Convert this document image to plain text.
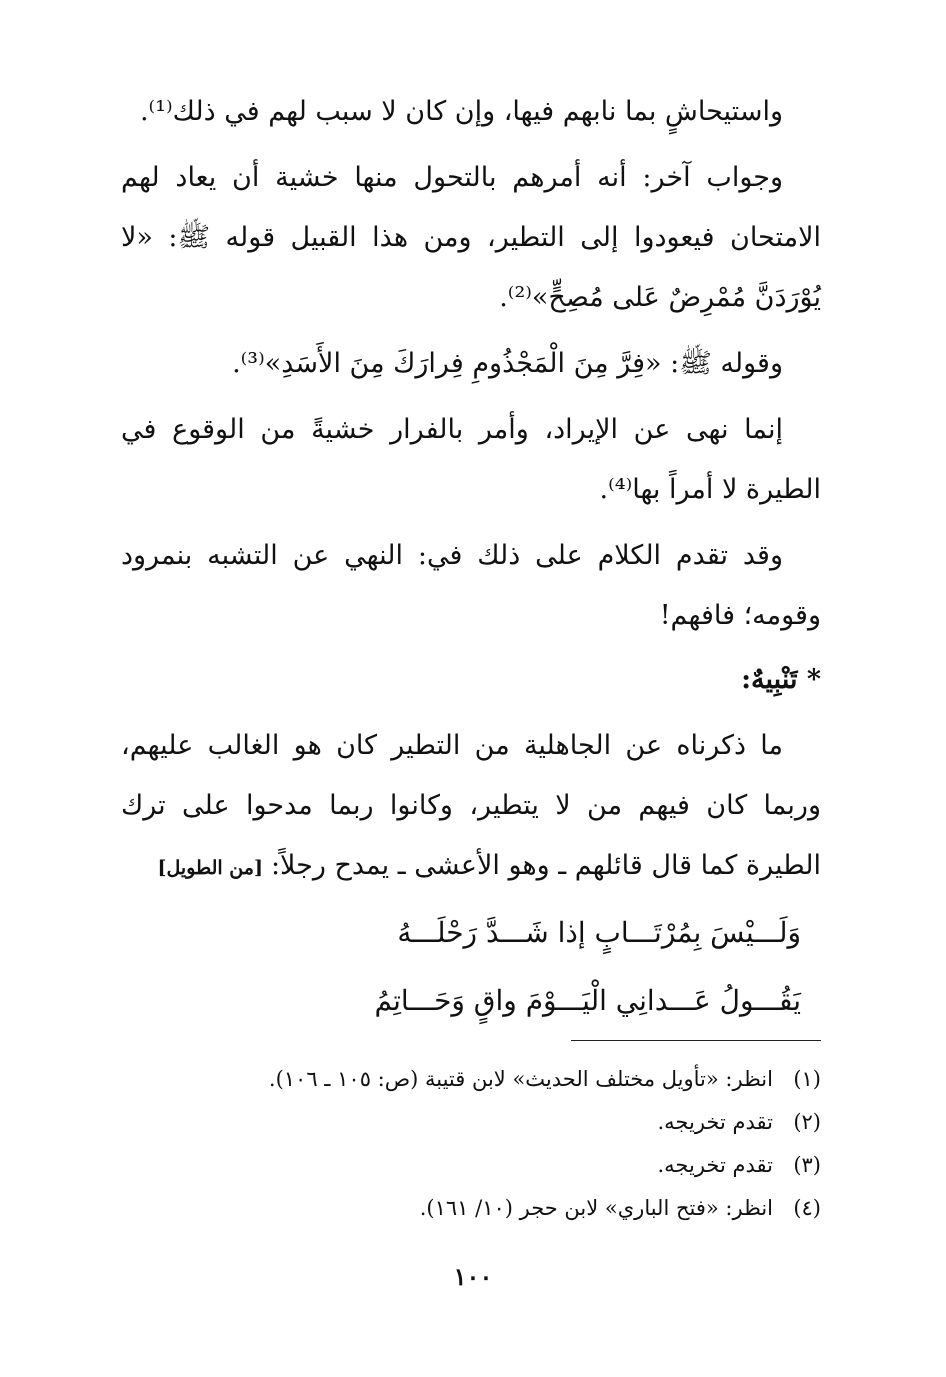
واستيحاشٍ بما نابهم فيها، وإن كان لا سبب لهم في ذلك⁽¹⁾.

وجواب آخر: أنه أمرهم بالتحول منها خشية أن يعاد لهم الامتحان فيعودوا إلى التطير، ومن هذا القبيل قوله ﷺ: «لا يُوْرَدَنَّ مُمْرِضٌ عَلى مُصِحٍّ»⁽²⁾.

وقوله ﷺ: «فِرَّ مِنَ الْمَجْذُومِ فِرارَكَ مِنَ الأَسَدِ»⁽³⁾.

إنما نهى عن الإيراد، وأمر بالفرار خشيةً من الوقوع في الطيرة لا أمراً بها⁽⁴⁾.

وقد تقدم الكلام على ذلك في: النهي عن التشبه بنمرود وقومه؛ فافهم!

* تَنْبِيهٌ:

ما ذكرناه عن الجاهلية من التطير كان هو الغالب عليهم، وربما كان فيهم من لا يتطير، وكانوا ربما مدحوا على ترك الطيرة كما قال قائلهم ـ وهو الأعشى ـ يمدح رجلاً:[من الطويل]

وَلَـــيْسَ بِمُرْتَـــابٍ إذا شَـــدَّ رَحْلَـــهُ
يَقُـــولُ عَـــدانِي الْيَـــوْمَ واقٍ وَحَـــاتِمُ
(١)
انظر: «تأويل مختلف الحديث» لابن قتيبة (ص: ١٠٥ ـ ١٠٦).
(٢)
تقدم تخريجه.
(٣)
تقدم تخريجه.
(٤)
انظر: «فتح الباري» لابن حجر (١٠/ ١٦١).
١٠٠
